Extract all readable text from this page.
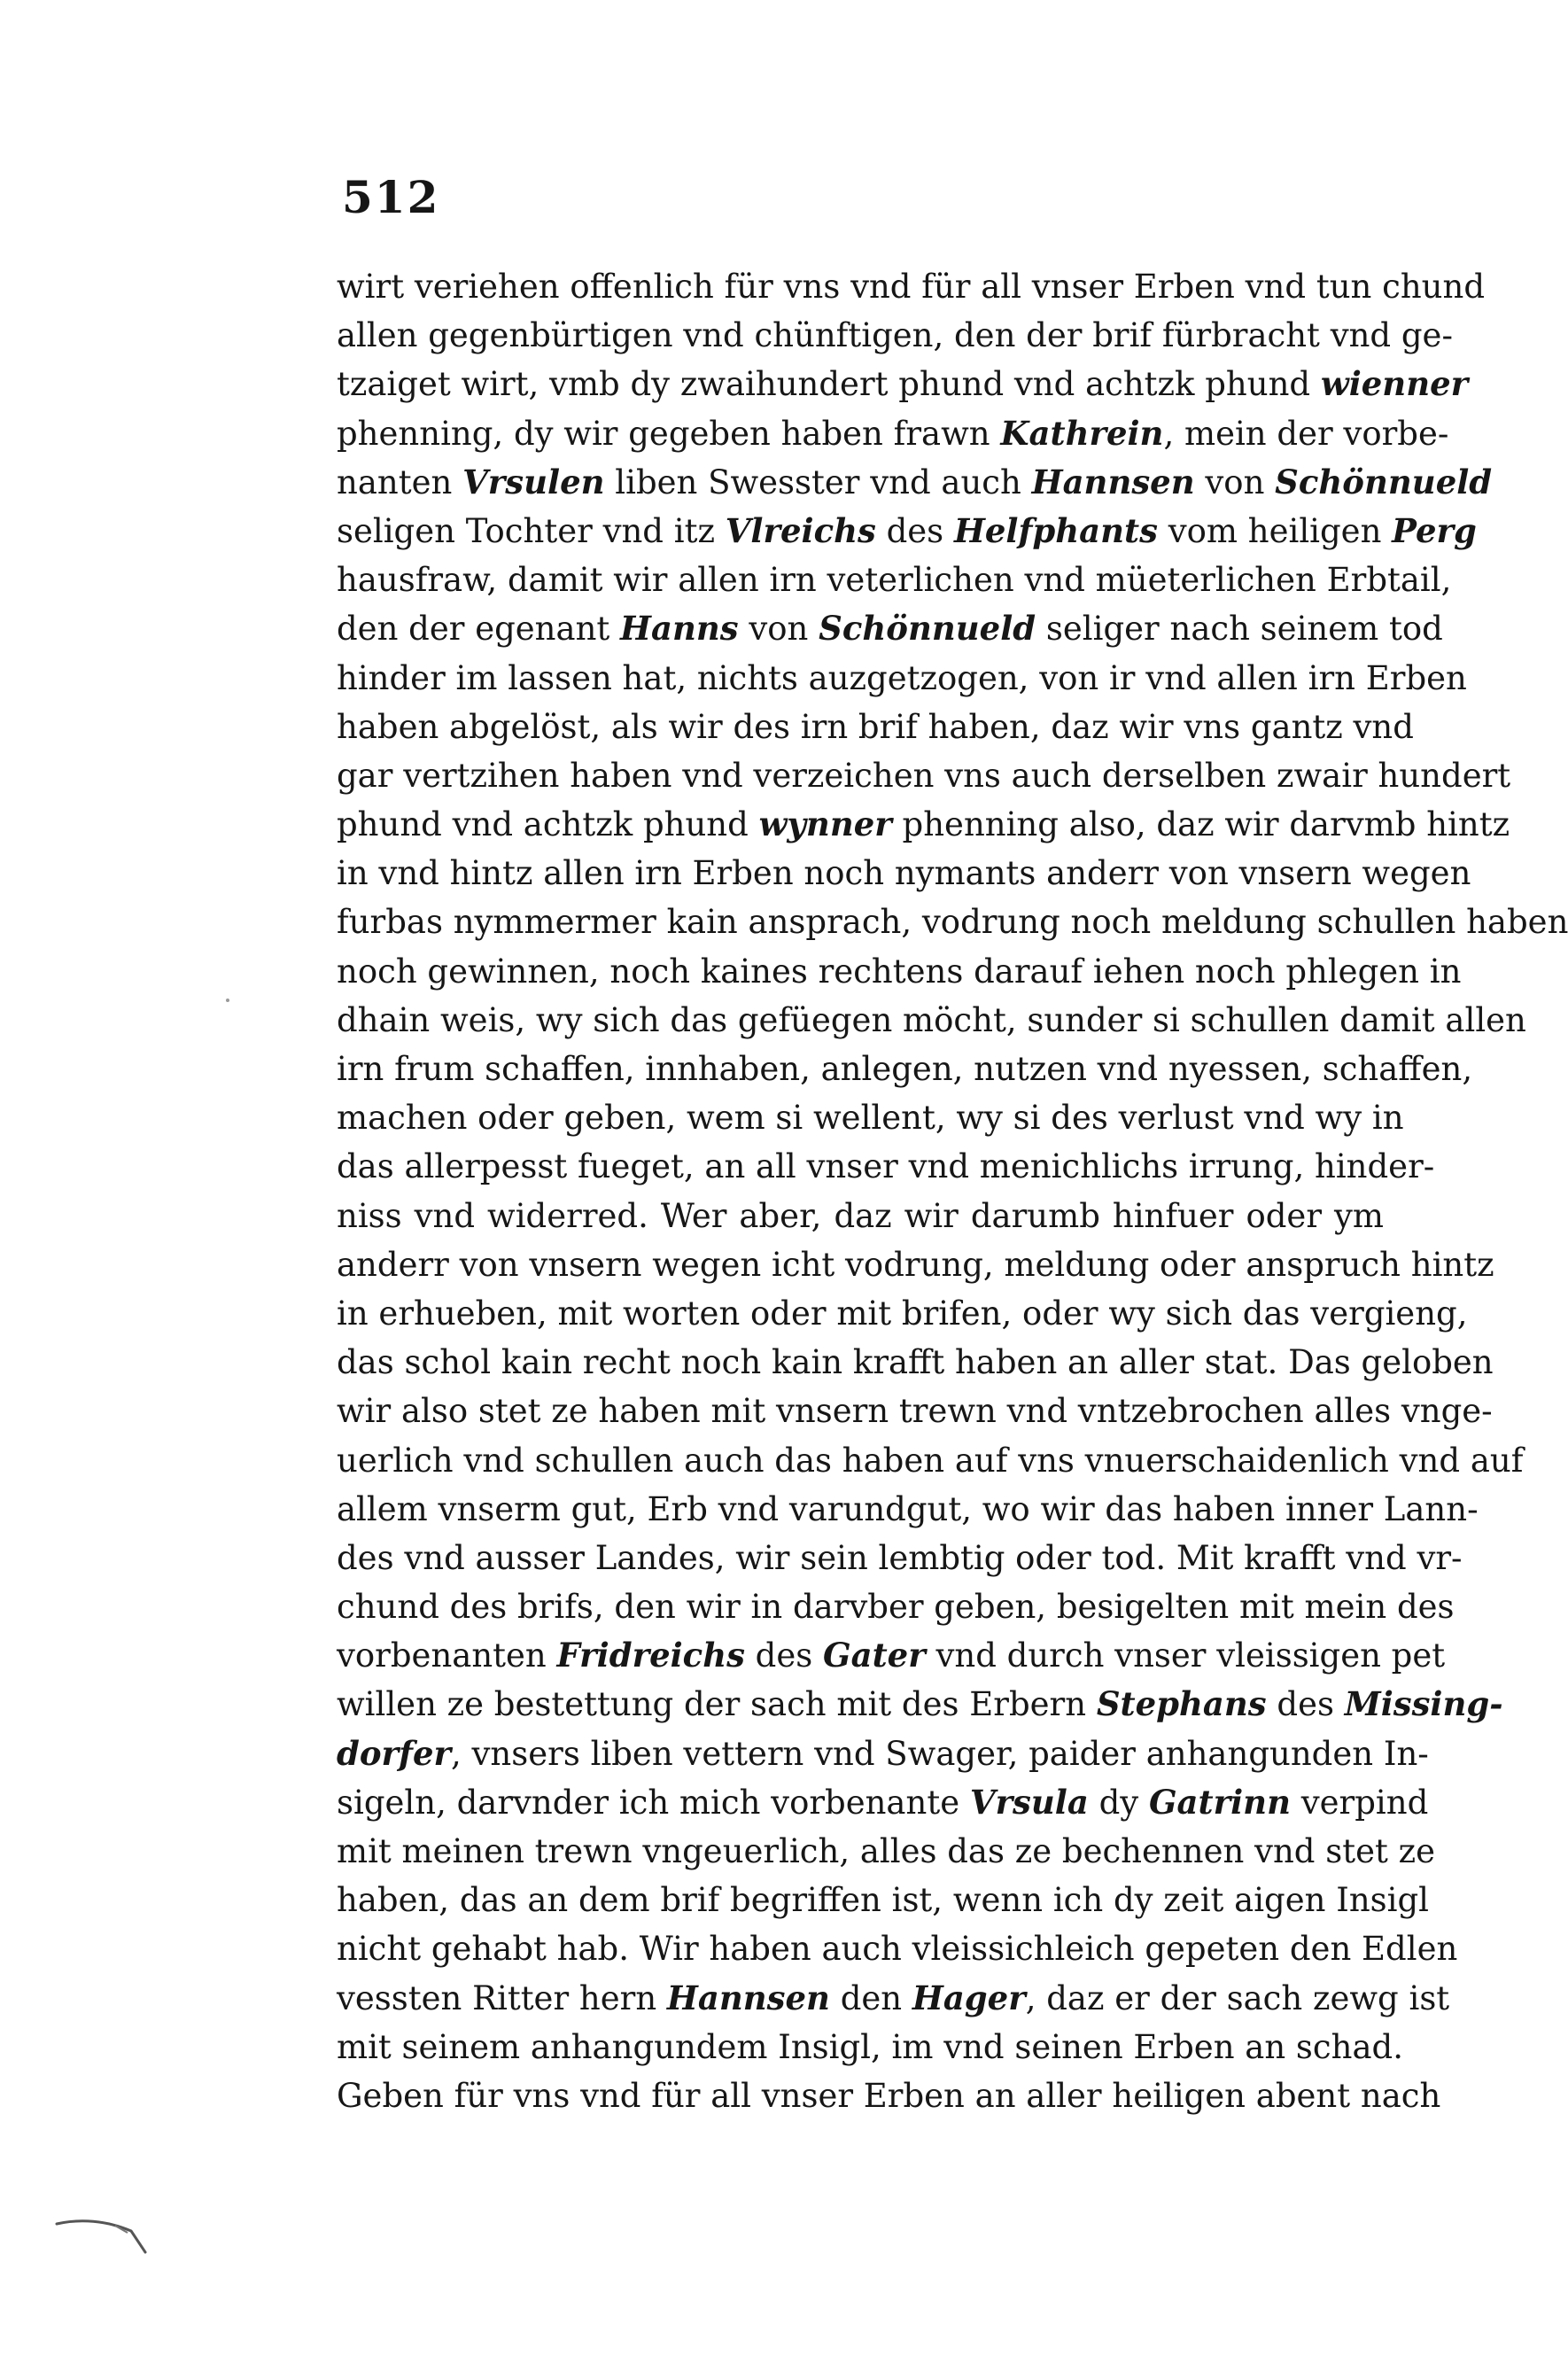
512
wirt veriehen offenlich für vns vnd für all vnser Erben vnd tun chund
allen gegenbürtigen vnd chünftigen, den der brif fürbracht vnd ge-
tzaiget wirt, vmb dy zwaihundert phund vnd achtzk phund wienner
phenning, dy wir gegeben haben frawn Kathrein, mein der vorbe-
nanten Vrsulen liben Swesster vnd auch Hannsen von Schönnueld
seligen Tochter vnd itz Vlreichs des Helfphants vom heiligen Perg
hausfraw, damit wir allen irn veterlichen vnd müeterlichen Erbtail,
den der egenant Hanns von Schönnueld seliger nach seinem tod
hinder im lassen hat, nichts auzgetzogen, von ir vnd allen irn Erben
haben abgelöst, als wir des irn brif haben, daz wir vns gantz vnd
gar vertzihen haben vnd verzeichen vns auch derselben zwair hundert
phund vnd achtzk phund wynner phenning also, daz wir darvmb hintz
in vnd hintz allen irn Erben noch nymants anderr von vnsern wegen
furbas nymmermer kain ansprach, vodrung noch meldung schullen haben
noch gewinnen, noch kaines rechtens darauf iehen noch phlegen in
dhain weis, wy sich das gefüegen möcht, sunder si schullen damit allen
irn frum schaffen, innhaben, anlegen, nutzen vnd nyessen, schaffen,
machen oder geben, wem si wellent, wy si des verlust vnd wy in
das allerpesst fueget, an all vnser vnd menichlichs irrung, hinder-
niss vnd widerred. Wer aber, daz wir darumb hinfuer oder ym
anderr von vnsern wegen icht vodrung, meldung oder anspruch hintz
in erhueben, mit worten oder mit brifen, oder wy sich das vergieng,
das schol kain recht noch kain krafft haben an aller stat. Das geloben
wir also stet ze haben mit vnsern trewn vnd vntzebrochen alles vnge-
uerlich vnd schullen auch das haben auf vns vnuerschaidenlich vnd auf
allem vnserm gut, Erb vnd varundgut, wo wir das haben inner Lann-
des vnd ausser Landes, wir sein lembtig oder tod. Mit krafft vnd vr-
chund des brifs, den wir in darvber geben, besigelten mit mein des
vorbenanten Fridreichs des Gater vnd durch vnser vleissigen pet
willen ze bestettung der sach mit des Erbern Stephans des Missing-
dorfer, vnsers liben vettern vnd Swager, paider anhangunden In-
sigeln, darvnder ich mich vorbenante Vrsula dy Gatrinn verpind
mit meinen trewn vngeuerlich, alles das ze bechennen vnd stet ze
haben, das an dem brif begriffen ist, wenn ich dy zeit aigen Insigl
nicht gehabt hab. Wir haben auch vleissichleich gepeten den Edlen
vessten Ritter hern Hannsen den Hager, daz er der sach zewg ist
mit seinem anhangundem Insigl, im vnd seinen Erben an schad.
Geben für vns vnd für all vnser Erben an aller heiligen abent nach
